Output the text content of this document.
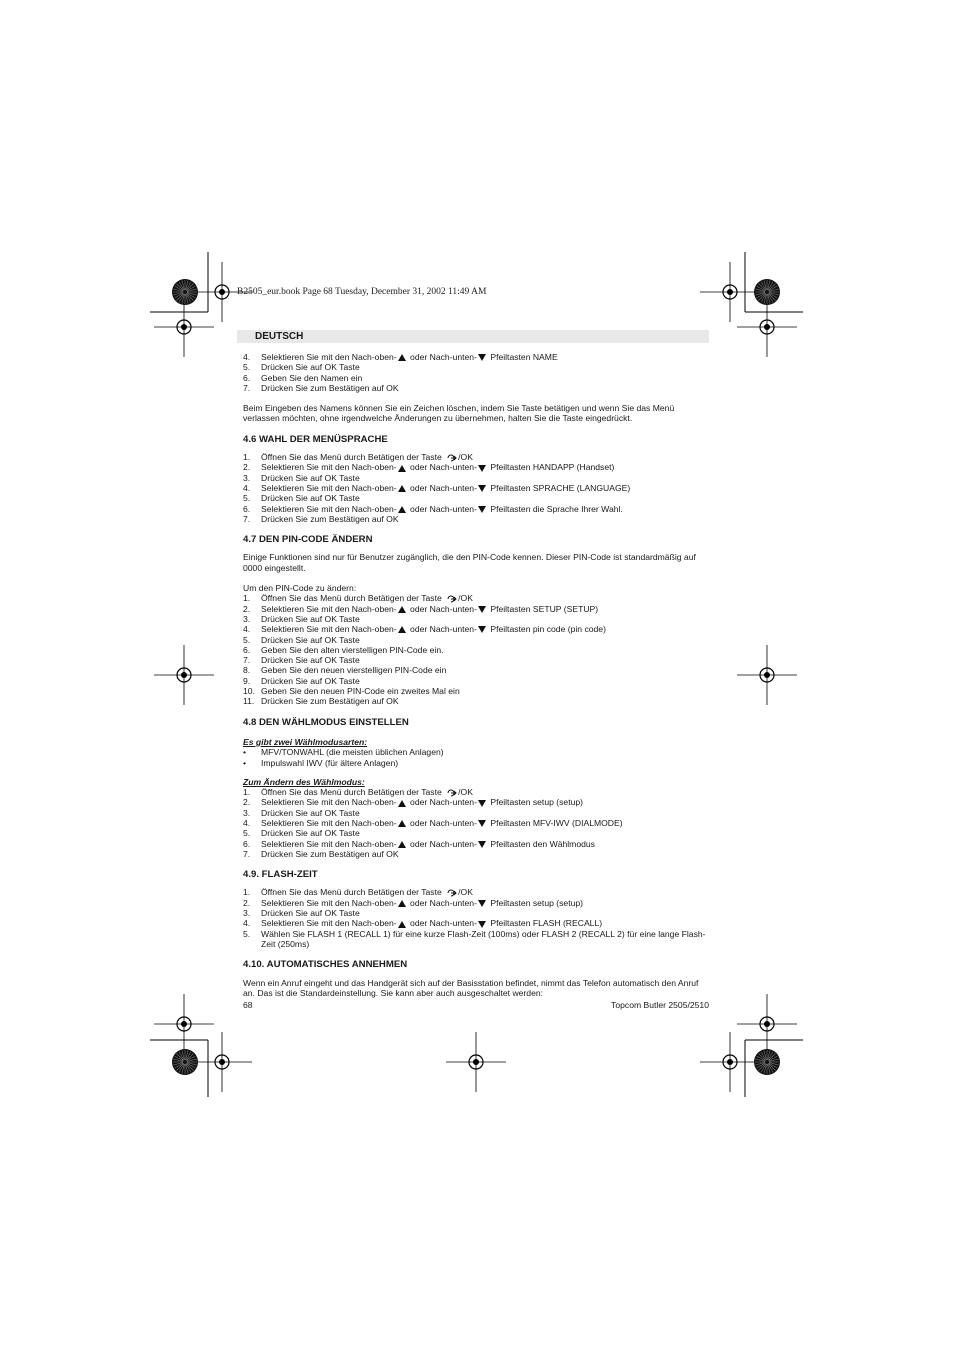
B2505_eur.book Page 68 Tuesday, December 31, 2002 11:49 AM
DEUTSCH
4. Selektieren Sie mit den Nach-oben- oder Nach-unten- Pfeiltasten NAME
5. Drücken Sie auf OK Taste
6. Geben Sie den Namen ein
7. Drücken Sie zum Bestätigen auf OK

Beim Eingeben des Namens können Sie ein Zeichen löschen, indem Sie Taste betätigen und wenn Sie das Menü verlassen möchten, ohne irgendwelche Änderungen zu übernehmen, halten Sie die Taste eingedrückt.

4.6 WAHL DER MENÜSPRACHE
1. Öffnen Sie das Menü durch Betätigen der Taste /OK
2. Selektieren Sie mit den Nach-oben- oder Nach-unten- Pfeiltasten HANDAPP (Handset)
3. Drücken Sie auf OK Taste
4. Selektieren Sie mit den Nach-oben- oder Nach-unten- Pfeiltasten SPRACHE (LANGUAGE)
5. Drücken Sie auf OK Taste
6. Selektieren Sie mit den Nach-oben- oder Nach-unten- Pfeiltasten die Sprache Ihrer Wahl.
7. Drücken Sie zum Bestätigen auf OK
4.7 DEN PIN-CODE ÄNDERN

Einige Funktionen sind nur für Benutzer zugänglich, die den PIN-Code kennen. Dieser PIN-Code ist standardmäßig auf 0000 eingestellt.

Um den PIN-Code zu ändern:

1. Öffnen Sie das Menü durch Betätigen der Taste /OK
2. Selektieren Sie mit den Nach-oben- oder Nach-unten- Pfeiltasten SETUP (SETUP)
3. Drücken Sie auf OK Taste
4. Selektieren Sie mit den Nach-oben- oder Nach-unten- Pfeiltasten pin code (pin code)
5. Drücken Sie auf OK Taste
6. Geben Sie den alten vierstelligen PIN-Code ein.
7. Drücken Sie auf OK Taste
8. Geben Sie den neuen vierstelligen PIN-Code ein
9. Drücken Sie auf OK Taste
10. Geben Sie den neuen PIN-Code ein zweites Mal ein
11. Drücken Sie zum Bestätigen auf OK
4.8 DEN WÄHLMODUS EINSTELLEN
Es gibt zwei Wählmodusarten:
• MFV/TONWAHL (die meisten üblichen Anlagen)
• Impulswahl IWV (für ältere Anlagen)
Zum Ändern des Wählmodus:
1. Öffnen Sie das Menü durch Betätigen der Taste /OK
2. Selektieren Sie mit den Nach-oben- oder Nach-unten- Pfeiltasten setup (setup)
3. Drücken Sie auf OK Taste
4. Selektieren Sie mit den Nach-oben- oder Nach-unten- Pfeiltasten MFV-IWV (DIALMODE)
5. Drücken Sie auf OK Taste
6. Selektieren Sie mit den Nach-oben- oder Nach-unten- Pfeiltasten den Wählmodus
7. Drücken Sie zum Bestätigen auf OK
4.9. FLASH-ZEIT
1. Öffnen Sie das Menü durch Betätigen der Taste /OK
2. Selektieren Sie mit den Nach-oben- oder Nach-unten- Pfeiltasten setup (setup)
3. Drücken Sie auf OK Taste
4. Selektieren Sie mit den Nach-oben- oder Nach-unten- Pfeiltasten FLASH (RECALL)
5. Wählen Sie FLASH 1 (RECALL 1) für eine kurze Flash-Zeit (100ms) oder FLASH 2 (RECALL 2) für eine lange Flash-Zeit (250ms)
4.10. AUTOMATISCHES ANNEHMEN

Wenn ein Anruf eingeht und das Handgerät sich auf der Basisstation befindet, nimmt das Telefon automatisch den Anruf an. Das ist die Standardeinstellung. Sie kann aber auch ausgeschaltet werden:

68	Topcom Butler 2505/2510
